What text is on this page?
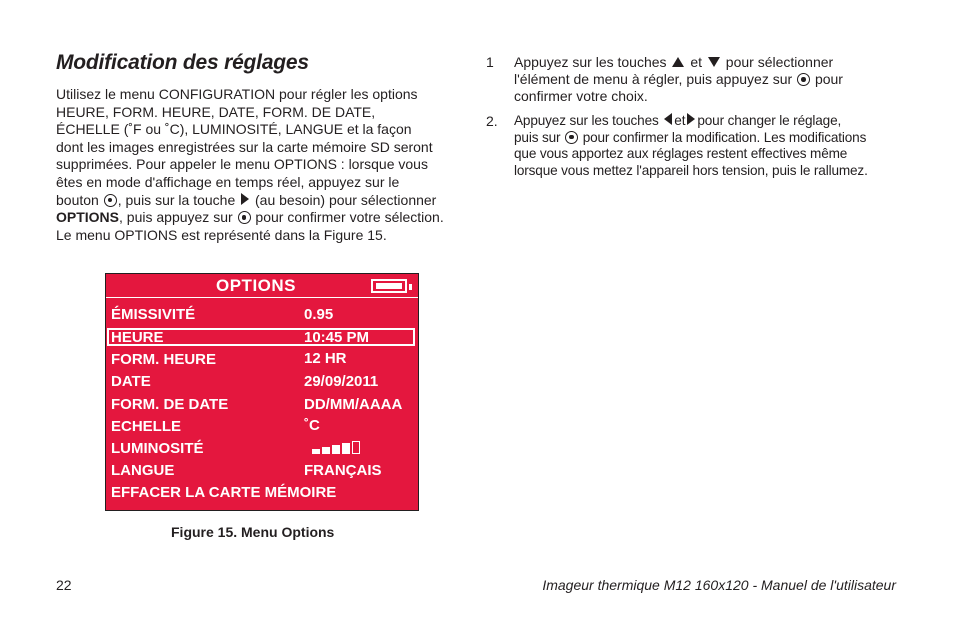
Modification des réglages
Utilisez le menu CONFIGURATION pour régler les options
HEURE, FORM. HEURE, DATE, FORM. DE DATE,
ÉCHELLE (˚F ou ˚C), LUMINOSITÉ, LANGUE et la façon
dont les images enregistrées sur la carte mémoire SD seront
supprimées. Pour appeler le menu OPTIONS : lorsque vous
êtes en mode d'affichage en temps réel, appuyez sur le
bouton , puis sur la touche (au besoin) pour sélectionner
OPTIONS, puis appuyez sur pour confirmer votre sélection.
Le menu OPTIONS est représenté dans la Figure 15.
OPTIONS
ÉMISSIVITÉ	0.95
HEURE	10:45 PM
FORM. HEURE	12 HR
DATE	29/09/2011
FORM. DE DATE	DD/MM/AAAA
ECHELLE	˚C
LUMINOSITÉ
LANGUE	FRANÇAIS
EFFACER LA CARTE MÉMOIRE
Figure 15. Menu Options
1 Appuyez sur les touches et pour sélectionner
l'élément de menu à régler, puis appuyez sur pour
confirmer votre choix.
2. Appuyez sur les touches et pour changer le réglage,
puis sur pour confirmer la modification. Les modifications
que vous apportez aux réglages restent effectives même
lorsque vous mettez l'appareil hors tension, puis le rallumez.
22	Imageur thermique M12 160x120 - Manuel de l'utilisateur
